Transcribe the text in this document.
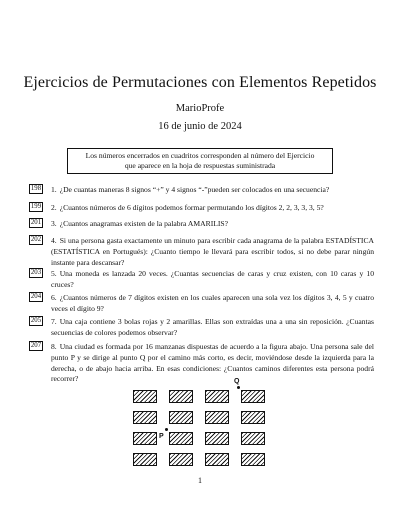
Ejercicios de Permutaciones con Elementos Repetidos
MarioProfe
16 de junio de 2024
Los números encerrados en cuadritos corresponden al número del Ejercicio
que aparece en la hoja de respuestas suministrada
198 1. ¿De cuantas maneras 8 signos “+” y 4 signos “-”pueden ser colocados en una secuencia?
199 2. ¿Cuantos números de 6 dígitos podemos formar permutando los dígitos 2, 2, 3, 3, 3, 5?
201 3. ¿Cuantos anagramas existen de la palabra AMARILIS?
202 4. Si una persona gasta exactamente un minuto para escribir cada anagrama de la palabra ESTADÍSTICA (ESTATÍSTICA en Portugués): ¿Cuanto tiempo le llevará para escribir todos, si no debe parar ningún instante para descansar?
203 5. Una moneda es lanzada 20 veces. ¿Cuantas secuencias de caras y cruz existen, con 10 caras y 10 cruces?
204 6. ¿Cuantos números de 7 dígitos existen en los cuales aparecen una sola vez los dígitos 3, 4, 5 y cuatro veces el dígito 9?
205 7. Una caja contiene 3 bolas rojas y 2 amarillas. Ellas son extraídas una a una sin reposición. ¿Cuantas secuencias de colores podemos observar?
207 8. Una ciudad es formada por 16 manzanas dispuestas de acuerdo a la figura abajo. Una persona sale del punto P y se dirige al punto Q por el camino más corto, es decir, moviéndose desde la izquierda para la derecha, o de abajo hacia arriba. En esas condiciones: ¿Cuantos caminos diferentes esta persona podrá recorrer?	Q
P
1
